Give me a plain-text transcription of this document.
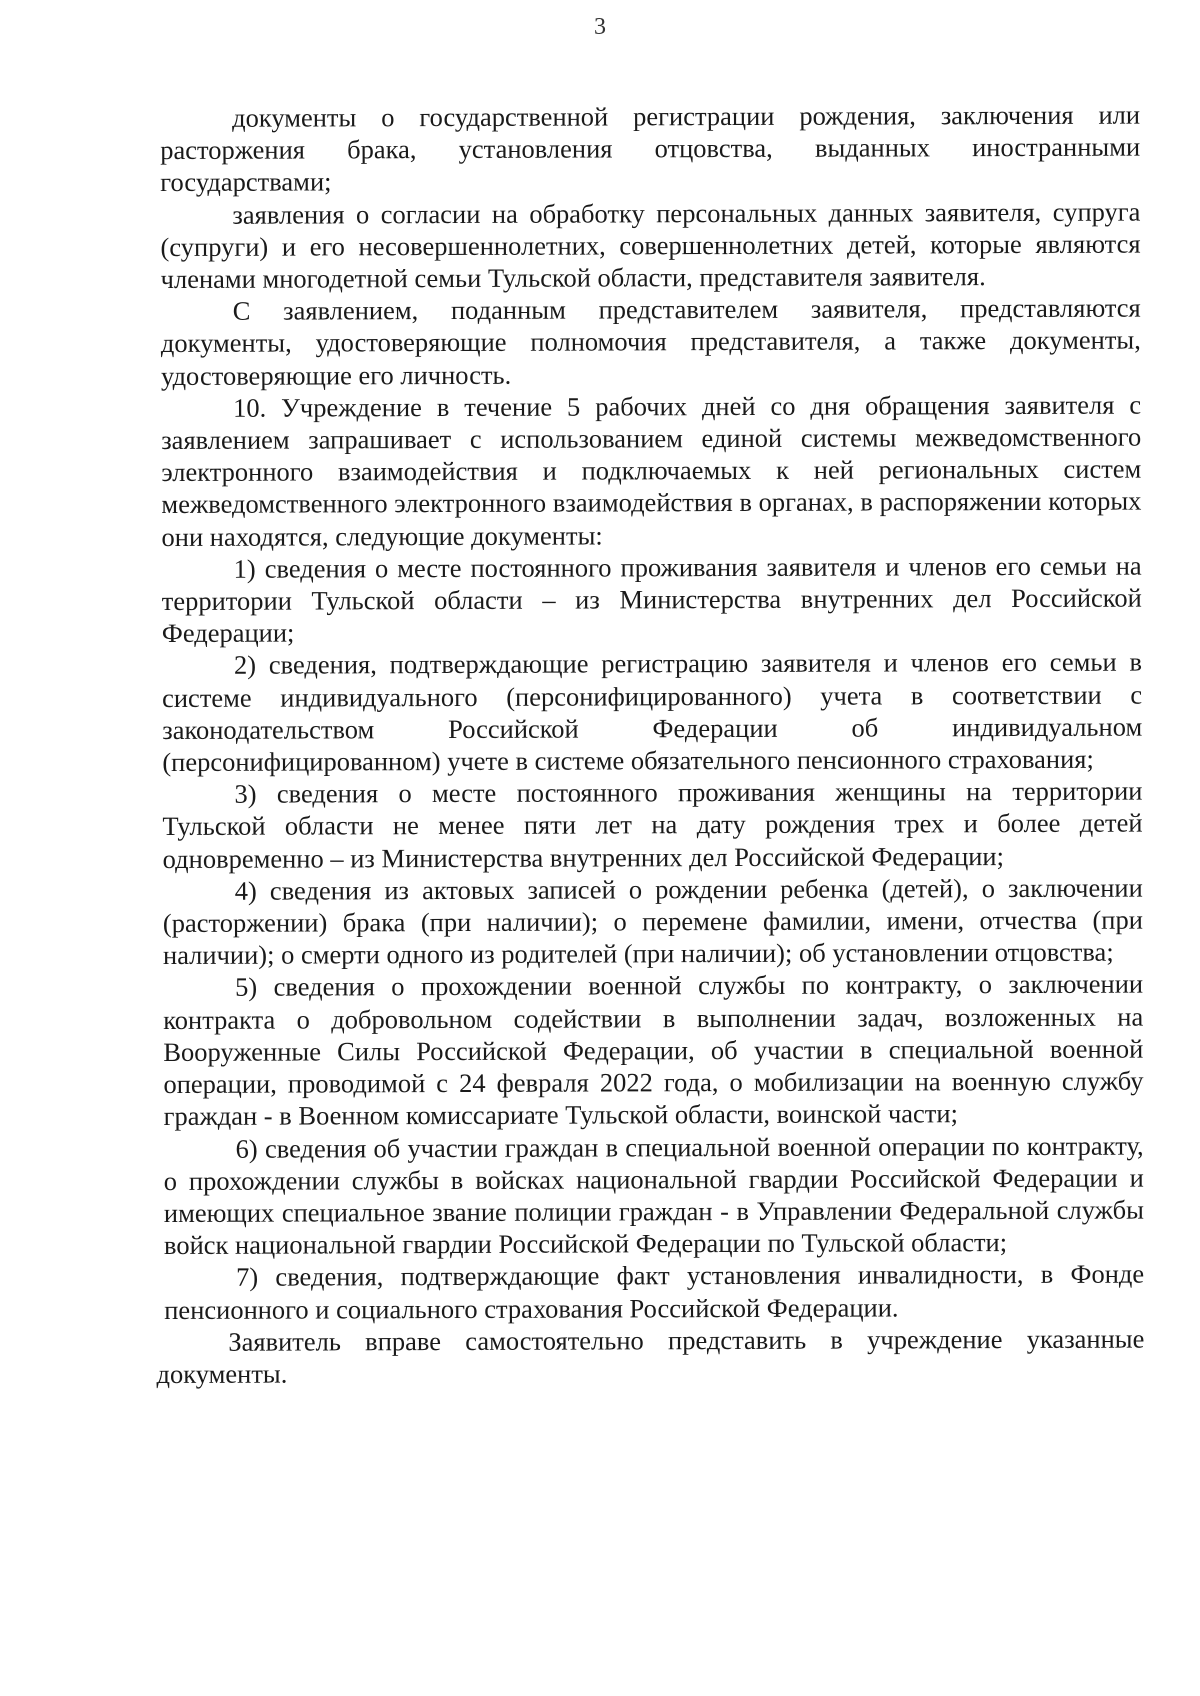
3

документы о государственной регистрации рождения, заключения или расторжения брака, установления отцовства, выданных иностранными государствами;

заявления о согласии на обработку персональных данных заявителя, супруга (супруги) и его несовершеннолетних, совершеннолетних детей, которые являются членами многодетной семьи Тульской области, представителя заявителя.

С заявлением, поданным представителем заявителя, представляются документы, удостоверяющие полномочия представителя, а также документы, удостоверяющие его личность.

10. Учреждение в течение 5 рабочих дней со дня обращения заявителя с заявлением запрашивает с использованием единой системы межведомственного электронного взаимодействия и подключаемых к ней региональных систем межведомственного электронного взаимодействия в органах, в распоряжении которых они находятся, следующие документы:

1) сведения о месте постоянного проживания заявителя и членов его семьи на территории Тульской области – из Министерства внутренних дел Российской Федерации;

2) сведения, подтверждающие регистрацию заявителя и членов его семьи в системе индивидуального (персонифицированного) учета в соответствии с законодательством Российской Федерации об индивидуальном (персонифицированном) учете в системе обязательного пенсионного страхования;

3) сведения о месте постоянного проживания женщины на территории Тульской области не менее пяти лет на дату рождения трех и более детей одновременно – из Министерства внутренних дел Российской Федерации;

4) сведения из актовых записей о рождении ребенка (детей), о заключении (расторжении) брака (при наличии); о перемене фамилии, имени, отчества (при наличии); о смерти одного из родителей (при наличии); об установлении отцовства;

5) сведения о прохождении военной службы по контракту, о заключении контракта о добровольном содействии в выполнении задач, возложенных на Вооруженные Силы Российской Федерации, об участии в специальной военной операции, проводимой с 24 февраля 2022 года, о мобилизации на военную службу граждан - в Военном комиссариате Тульской области, воинской части;

6) сведения об участии граждан в специальной военной операции по контракту, о прохождении службы в войсках национальной гвардии Российской Федерации и имеющих специальное звание полиции граждан - в Управлении Федеральной службы войск национальной гвардии Российской Федерации по Тульской области;

7) сведения, подтверждающие факт установления инвалидности, в Фонде пенсионного и социального страхования Российской Федерации.

Заявитель вправе самостоятельно представить в учреждение указанные документы.
